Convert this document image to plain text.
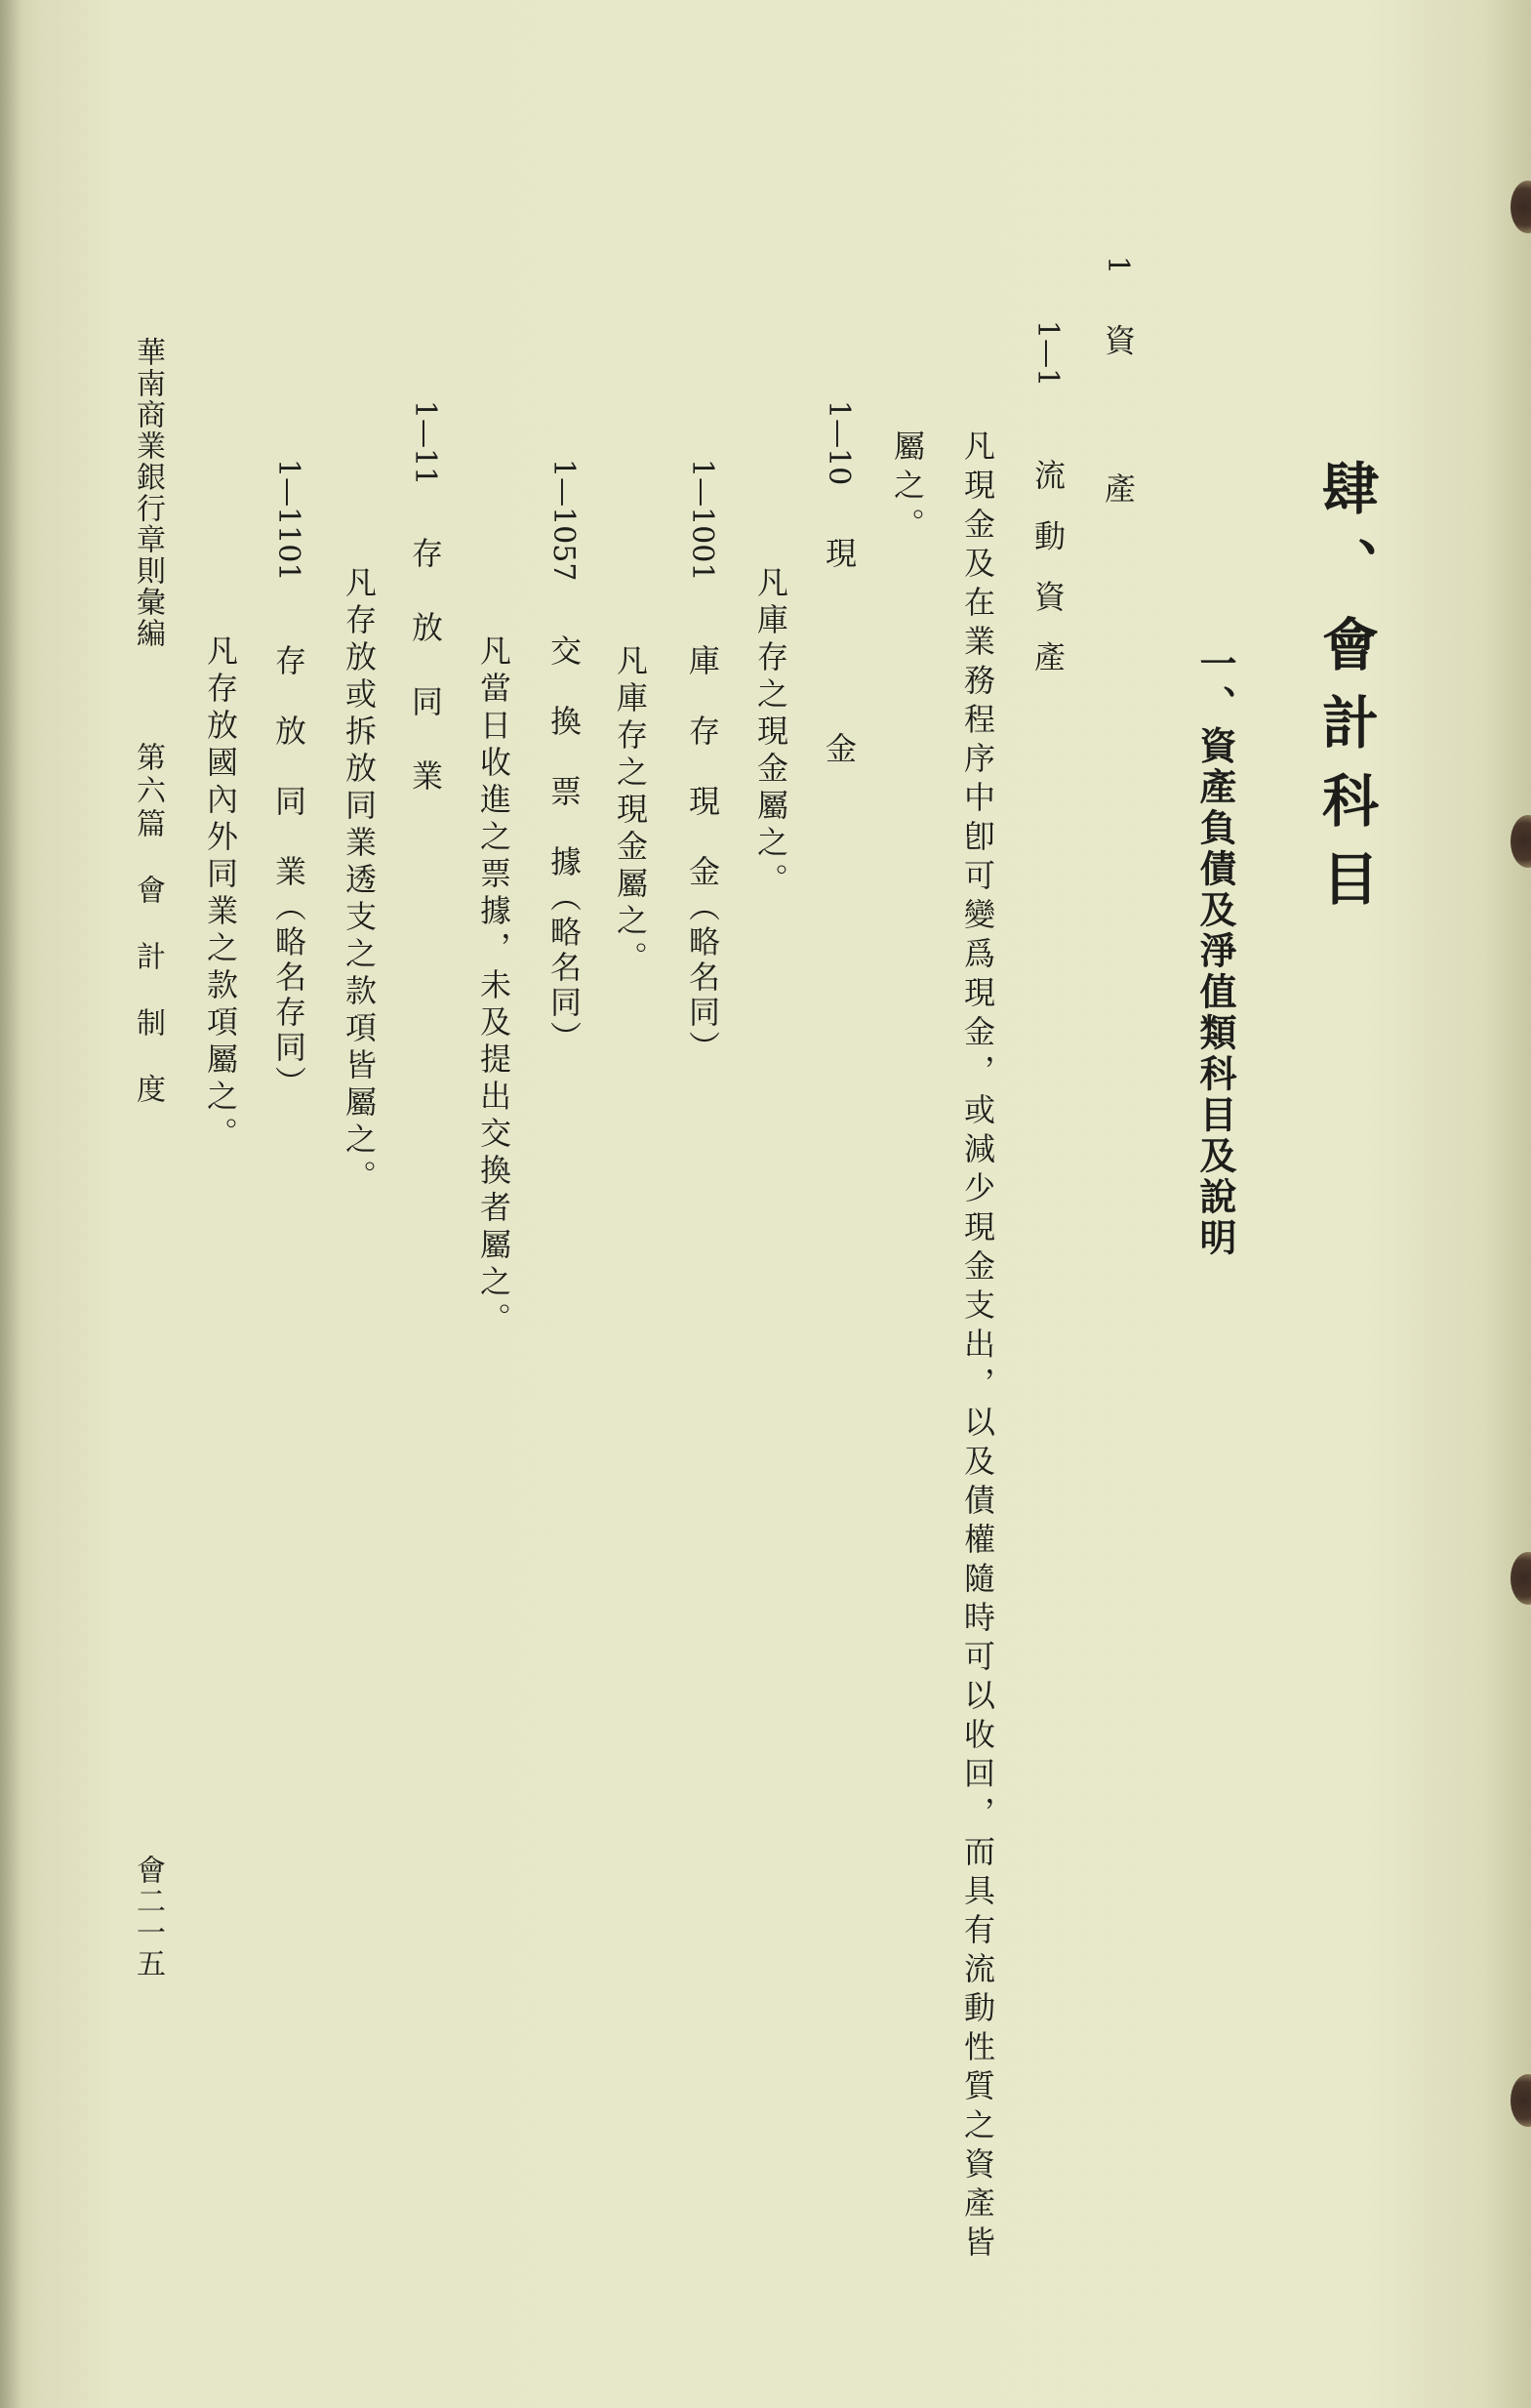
肆、會計科目
一、資產負債及淨值類科目及說明
1
資　　　產
1—1
流 動 資 產
凡現金及在業務程序中卽可變爲現金，或減少現金支出，以及債權隨時可以收回，而具有流動性質之資產皆
屬之。
1—10
現　　　　金
凡庫存之現金屬之。
1—1001
庫　存　現　金（略名同）
凡庫存之現金屬之。
1—1057
交　換　票　據（略名同）
凡當日收進之票據，未及提出交換者屬之。
1—11
存　放　同　業
凡存放或拆放同業透支之款項皆屬之。
1—1101
存　放　同　業（略名存同）
凡存放國內外同業之款項屬之。
華南商業銀行章則彙編
第六篇　會　計　制　度
會二一五
